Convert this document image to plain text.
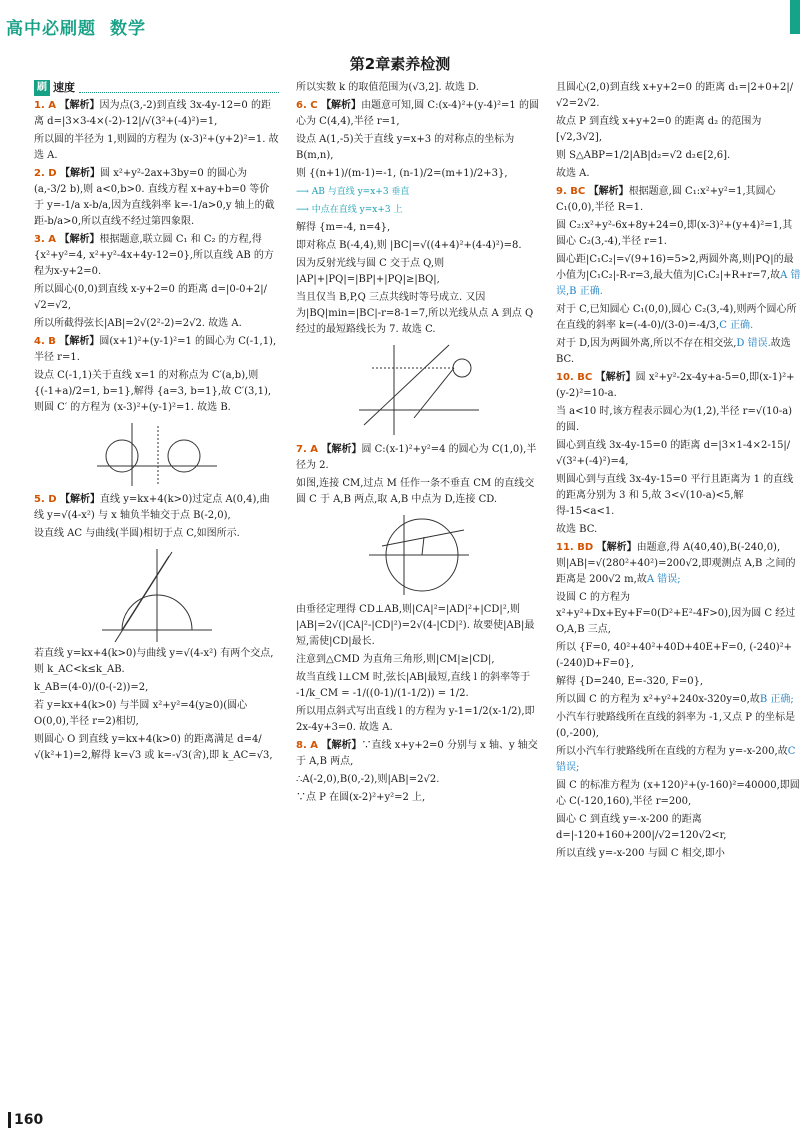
高中必刷题 数学
第2章素养检测
刷 速度

1. A 【解析】因为点(3,-2)到直线 3x-4y-12=0 的距离 d=|3×3-4×(-2)-12|/√(3²+(-4)²)=1,

所以圆的半径为 1,则圆的方程为 (x-3)²+(y+2)²=1. 故选 A.

2. D 【解析】圆 x²+y²-2ax+3by=0 的圆心为(a,-3/2 b),则 a<0,b>0. 直线方程 x+ay+b=0 等价于 y=-1/a x-b/a,因为直线斜率 k=-1/a>0,y 轴上的截距-b/a>0,所以直线不经过第四象限.

3. A 【解析】根据题意,联立圆 C₁ 和 C₂ 的方程,得 {x²+y²=4, x²+y²-4x+4y-12=0},所以直线 AB 的方程为x-y+2=0.

所以圆心(0,0)到直线 x-y+2=0 的距离 d=|0-0+2|/√2=√2,

所以所截得弦长|AB|=2√(2²-2)=2√2. 故选 A.

4. B 【解析】圆(x+1)²+(y-1)²=1 的圆心为 C(-1,1),半径 r=1.

设点 C(-1,1)关于直线 x=1 的对称点为 C′(a,b),则 {(-1+a)/2=1, b=1},解得 {a=3, b=1},故 C′(3,1),则圆 C′ 的方程为 (x-3)²+(y-1)²=1. 故选 B.

5. D 【解析】直线 y=kx+4(k>0)过定点 A(0,4),曲线 y=√(4-x²) 与 x 轴负半轴交于点 B(-2,0),

设直线 AC 与曲线(半圆)相切于点 C,如图所示.

若直线 y=kx+4(k>0)与曲线 y=√(4-x²) 有两个交点,则 k_AC<k≤k_AB.

k_AB=(4-0)/(0-(-2))=2,

若 y=kx+4(k>0) 与半圆 x²+y²=4(y≥0)(圆心 O(0,0),半径 r=2)相切,

则圆心 O 到直线 y=kx+4(k>0) 的距离满足 d=4/√(k²+1)=2,解得 k=√3 或 k=-√3(舍),即 k_AC=√3,

所以实数 k 的取值范围为(√3,2]. 故选 D.

6. C 【解析】由题意可知,圆 C:(x-4)²+(y-4)²=1 的圆心为 C(4,4),半径 r=1,

设点 A(1,-5)关于直线 y=x+3 的对称点的坐标为 B(m,n),

则 {(n+1)/(m-1)=-1, (n-1)/2=(m+1)/2+3},

⟶ AB 与直线 y=x+3 垂直

⟶ 中点在直线 y=x+3 上

解得 {m=-4, n=4},

即对称点 B(-4,4),则 |BC|=√((4+4)²+(4-4)²)=8.

因为反射光线与圆 C 交于点 Q,则 |AP|+|PQ|=|BP|+|PQ|≥|BQ|,

当且仅当 B,P,Q 三点共线时等号成立. 又因为|BQ|min=|BC|-r=8-1=7,所以光线从点 A 到点 Q 经过的最短路线长为 7. 故选 C.

7. A 【解析】圆 C:(x-1)²+y²=4 的圆心为 C(1,0),半径为 2.

如图,连接 CM,过点 M 任作一条不垂直 CM 的直线交圆 C 于 A,B 两点,取 A,B 中点为 D,连接 CD.

由垂径定理得 CD⊥AB,则|CA|²=|AD|²+|CD|²,则 |AB|=2√(|CA|²-|CD|²)=2√(4-|CD|²). 故要使|AB|最短,需使|CD|最长.

注意到△CMD 为直角三角形,则|CM|≥|CD|,

故当直线 l⊥CM 时,弦长|AB|最短,直线 l 的斜率等于 -1/k_CM = -1/((0-1)/(1-1/2)) = 1/2.

所以用点斜式写出直线 l 的方程为 y-1=1/2(x-1/2),即 2x-4y+3=0. 故选 A.

8. A 【解析】∵直线 x+y+2=0 分别与 x 轴、y 轴交于 A,B 两点,

∴A(-2,0),B(0,-2),则|AB|=2√2.

∵点 P 在圆(x-2)²+y²=2 上,

且圆心(2,0)到直线 x+y+2=0 的距离 d₁=|2+0+2|/√2=2√2.

故点 P 到直线 x+y+2=0 的距离 d₂ 的范围为[√2,3√2],

则 S△ABP=1/2|AB|d₂=√2 d₂∈[2,6].

故选 A.

9. BC 【解析】根据题意,圆 C₁:x²+y²=1,其圆心 C₁(0,0),半径 R=1.

圆 C₂:x²+y²-6x+8y+24=0,即(x-3)²+(y+4)²=1,其圆心 C₂(3,-4),半径 r=1.

圆心距|C₁C₂|=√(9+16)=5>2,两圆外离,则|PQ|的最小值为|C₁C₂|-R-r=3,最大值为|C₁C₂|+R+r=7,故A 错误,B 正确.

对于 C,已知圆心 C₁(0,0),圆心 C₂(3,-4),则两个圆心所在直线的斜率 k=(-4-0)/(3-0)=-4/3,C 正确.

对于 D,因为两圆外离,所以不存在相交弦,D 错误.故选 BC.

10. BC 【解析】圆 x²+y²-2x-4y+a-5=0,即(x-1)²+(y-2)²=10-a.

当 a<10 时,该方程表示圆心为(1,2),半径 r=√(10-a) 的圆.

圆心到直线 3x-4y-15=0 的距离 d=|3×1-4×2-15|/√(3²+(-4)²)=4,

则圆心到与直线 3x-4y-15=0 平行且距离为 1 的直线的距离分别为 3 和 5,故 3<√(10-a)<5,解得-15<a<1.

故选 BC.

11. BD 【解析】由题意,得 A(40,40),B(-240,0),则|AB|=√(280²+40²)=200√2,即观测点 A,B 之间的距离是 200√2 m,故A 错误;

设圆 C 的方程为 x²+y²+Dx+Ey+F=0(D²+E²-4F>0),因为圆 C 经过 O,A,B 三点,

所以 {F=0, 40²+40²+40D+40E+F=0, (-240)²+(-240)D+F=0},

解得 {D=240, E=-320, F=0},

所以圆 C 的方程为 x²+y²+240x-320y=0,故B 正确;

小汽车行驶路线所在直线的斜率为 -1,又点 P 的坐标是(0,-200),

所以小汽车行驶路线所在直线的方程为 y=-x-200,故C 错误;

圆 C 的标准方程为 (x+120)²+(y-160)²=40000,即圆心 C(-120,160),半径 r=200,

圆心 C 到直线 y=-x-200 的距离 d=|-120+160+200|/√2=120√2<r,

所以直线 y=-x-200 与圆 C 相交,即小

160
